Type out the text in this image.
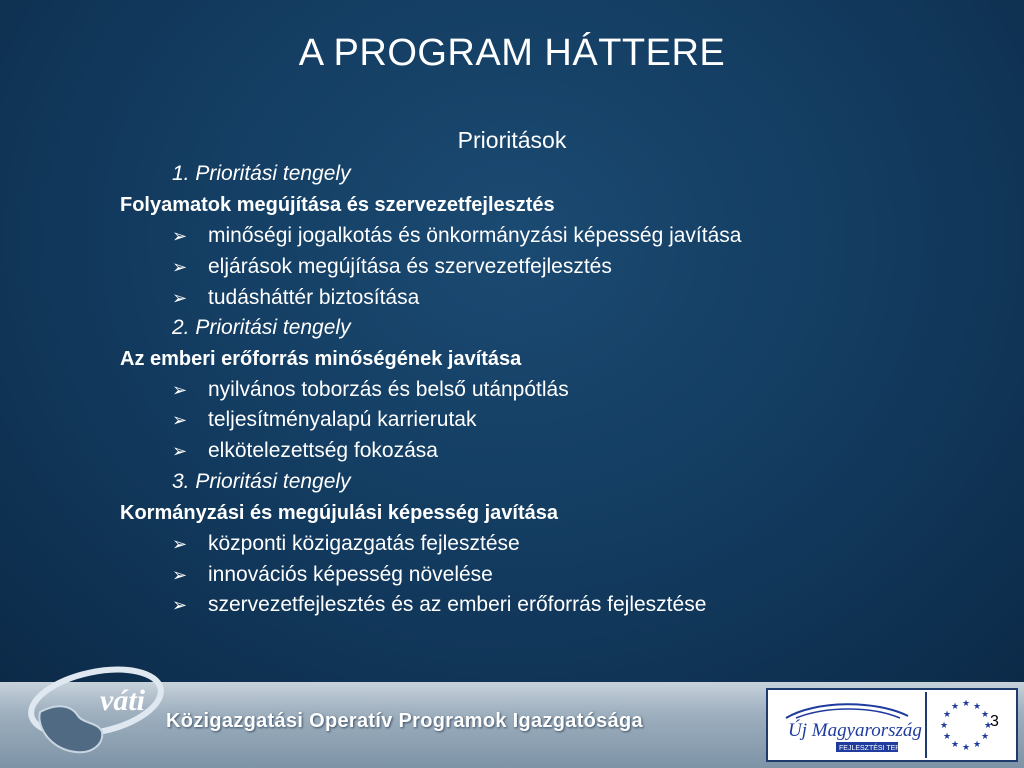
A PROGRAM HÁTTERE
Prioritások
1. Prioritási tengely
Folyamatok megújítása és szervezetfejlesztés
➢ minőségi jogalkotás és önkormányzási képesség javítása
➢ eljárások megújítása és szervezetfejlesztés
➢ tudásháttér biztosítása
2. Prioritási tengely
Az emberi erőforrás minőségének javítása
➢ nyilvános toborzás és belső utánpótlás
➢ teljesítményalapú karrierutak
➢ elkötelezettség fokozása
3. Prioritási tengely
Kormányzási és megújulási képesség javítása
➢ központi közigazgatás fejlesztése
➢ innovációs képesség növelése
➢ szervezetfejlesztés és az emberi erőforrás fejlesztése
váti
Közigazgatási Operatív Programok Igazgatósága	Új Magyarország
FEJLESZTÉSI TERV
★ ★
★
★
★
★
★
★
★
★
★
★
3
